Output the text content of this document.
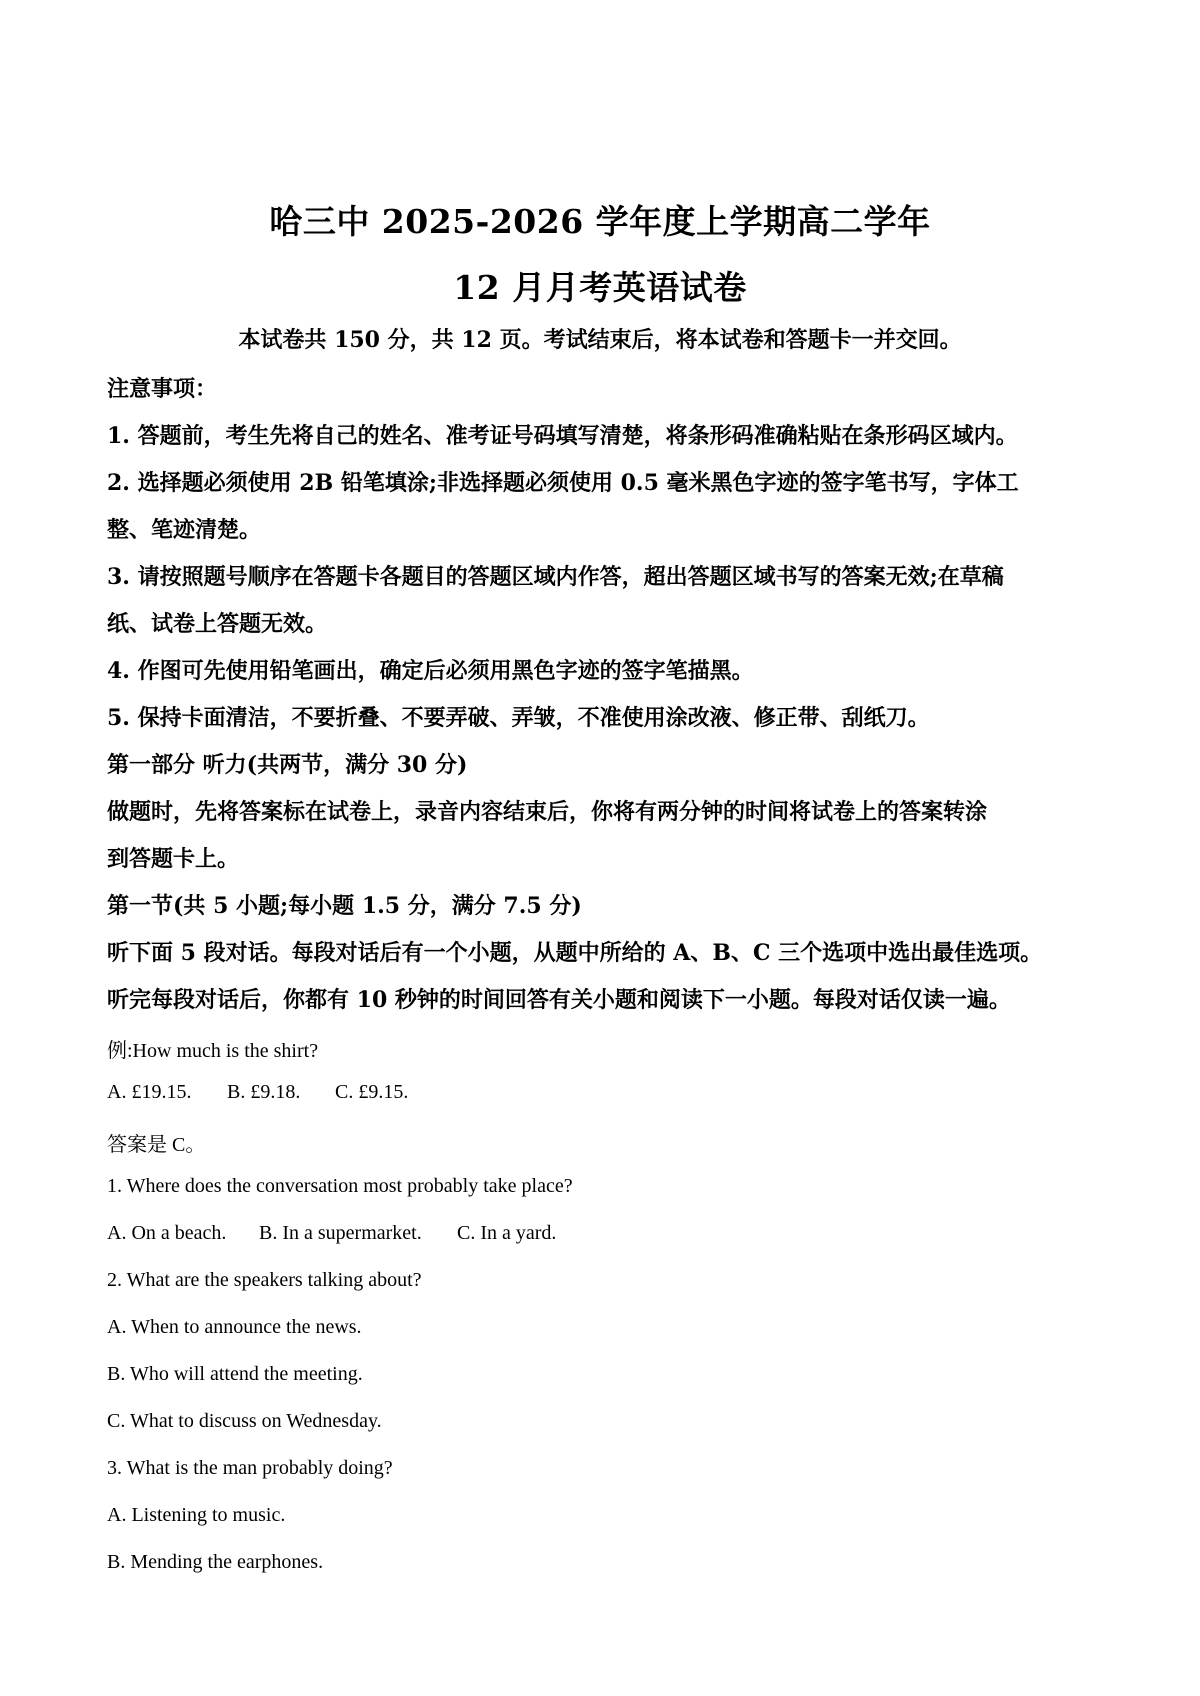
哈三中 2025-2026 学年度上学期高二学年
12 月月考英语试卷
本试卷共 150 分，共 12 页。考试结束后，将本试卷和答题卡一并交回。
注意事项：
1. 答题前，考生先将自己的姓名、准考证号码填写清楚，将条形码准确粘贴在条形码区域内。
2. 选择题必须使用 2B 铅笔填涂;非选择题必须使用 0.5 毫米黑色字迹的签字笔书写，字体工
整、笔迹清楚。
3. 请按照题号顺序在答题卡各题目的答题区域内作答，超出答题区域书写的答案无效;在草稿
纸、试卷上答题无效。
4. 作图可先使用铅笔画出，确定后必须用黑色字迹的签字笔描黑。
5. 保持卡面清洁，不要折叠、不要弄破、弄皱，不准使用涂改液、修正带、刮纸刀。
第一部分 听力(共两节，满分 30 分)
做题时，先将答案标在试卷上，录音内容结束后，你将有两分钟的时间将试卷上的答案转涂
到答题卡上。
第一节(共 5 小题;每小题 1.5 分，满分 7.5 分)
听下面 5 段对话。每段对话后有一个小题，从题中所给的 A、B、C 三个选项中选出最佳选项。
听完每段对话后，你都有 10 秒钟的时间回答有关小题和阅读下一小题。每段对话仅读一遍。
例:How much is the shirt?
A. £19.15. B. £9.18. C. £9.15.
答案是 C。
1. Where does the conversation most probably take place?
A. On a beach. B. In a supermarket. C. In a yard.
2. What are the speakers talking about?
A. When to announce the news.
B. Who will attend the meeting.
C. What to discuss on Wednesday.
3. What is the man probably doing?
A. Listening to music.
B. Mending the earphones.
